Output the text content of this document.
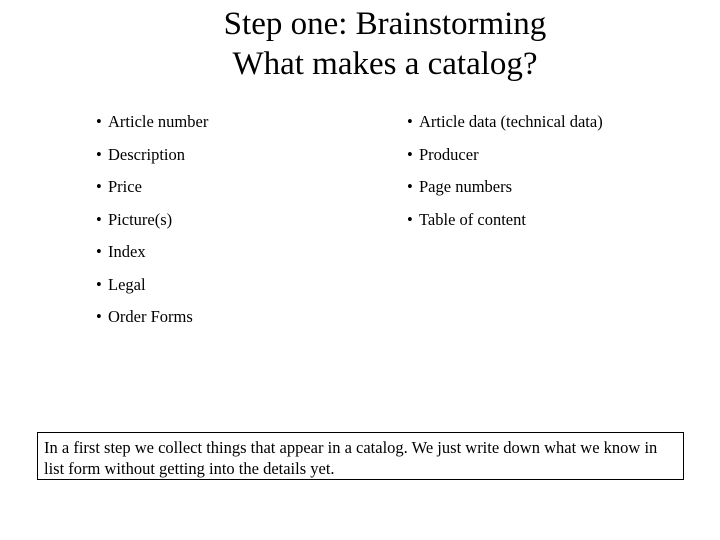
Step one: Brainstorming
What makes a catalog?
• Article number
• Description
• Price
• Picture(s)
• Index
• Legal
• Order Forms
• Article data (technical data)
• Producer
• Page numbers
• Table of content
In a first step we collect things that appear in a catalog. We just write down what we know in list form without getting into the details yet.
